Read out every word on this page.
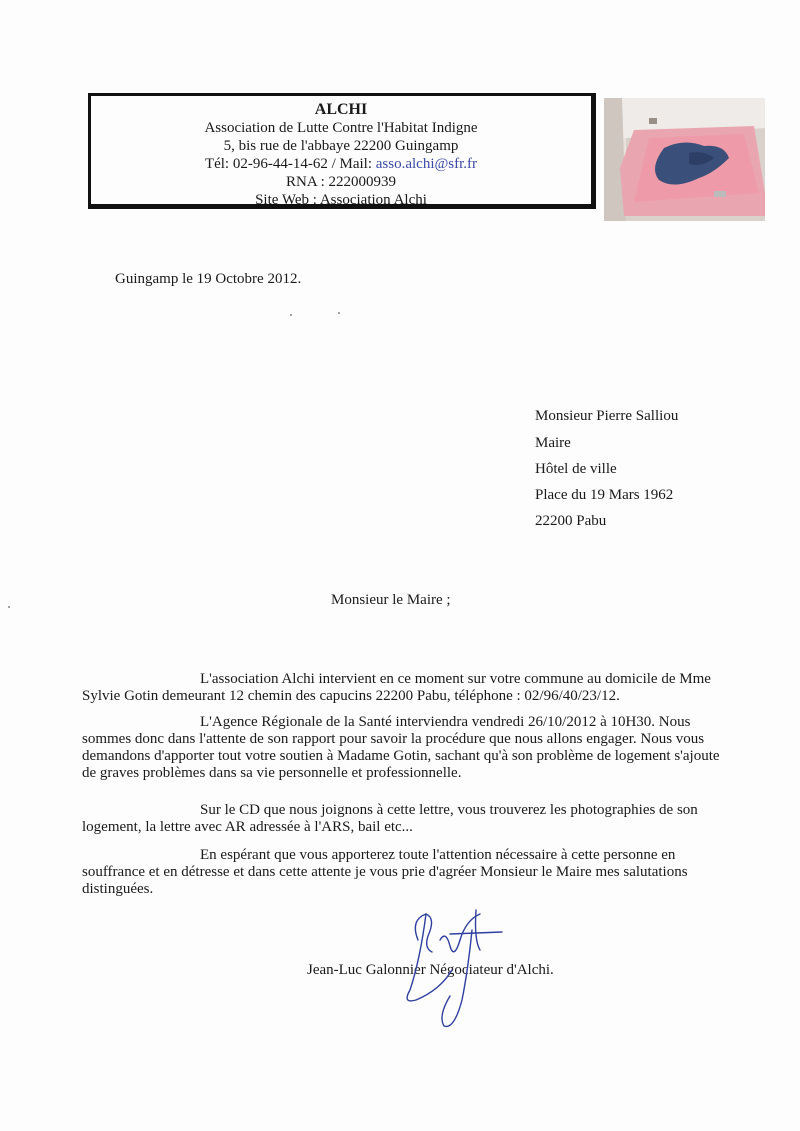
ALCHI
Association de Lutte Contre l'Habitat Indigne
5, bis rue de l'abbaye 22200 Guingamp
Tél: 02-96-44-14-62 / Mail: asso.alchi@sfr.fr
RNA : 222000939
Site Web : Association Alchi
Guingamp le 19 Octobre 2012.
Monsieur Pierre Salliou
Maire
Hôtel de ville
Place du 19 Mars 1962
22200 Pabu
Monsieur le Maire ;
L'association Alchi intervient en ce moment sur votre commune au domicile de Mme Sylvie Gotin demeurant 12 chemin des capucins 22200 Pabu, téléphone : 02/96/40/23/12.
L'Agence Régionale de la Santé interviendra vendredi 26/10/2012 à 10H30. Nous sommes donc dans l'attente de son rapport pour savoir la procédure que nous allons engager. Nous vous demandons d'apporter tout votre soutien à Madame Gotin, sachant qu'à son problème de logement s'ajoute de graves problèmes dans sa vie personnelle et professionnelle.
Sur le CD que nous joignons à cette lettre, vous trouverez les photographies de son logement, la lettre avec AR adressée à l'ARS, bail etc...
En espérant que vous apporterez toute l'attention nécessaire à cette personne en souffrance et en détresse et dans cette attente je vous prie d'agréer Monsieur le Maire mes salutations distinguées.
Jean-Luc Galonnier Négociateur d'Alchi.
